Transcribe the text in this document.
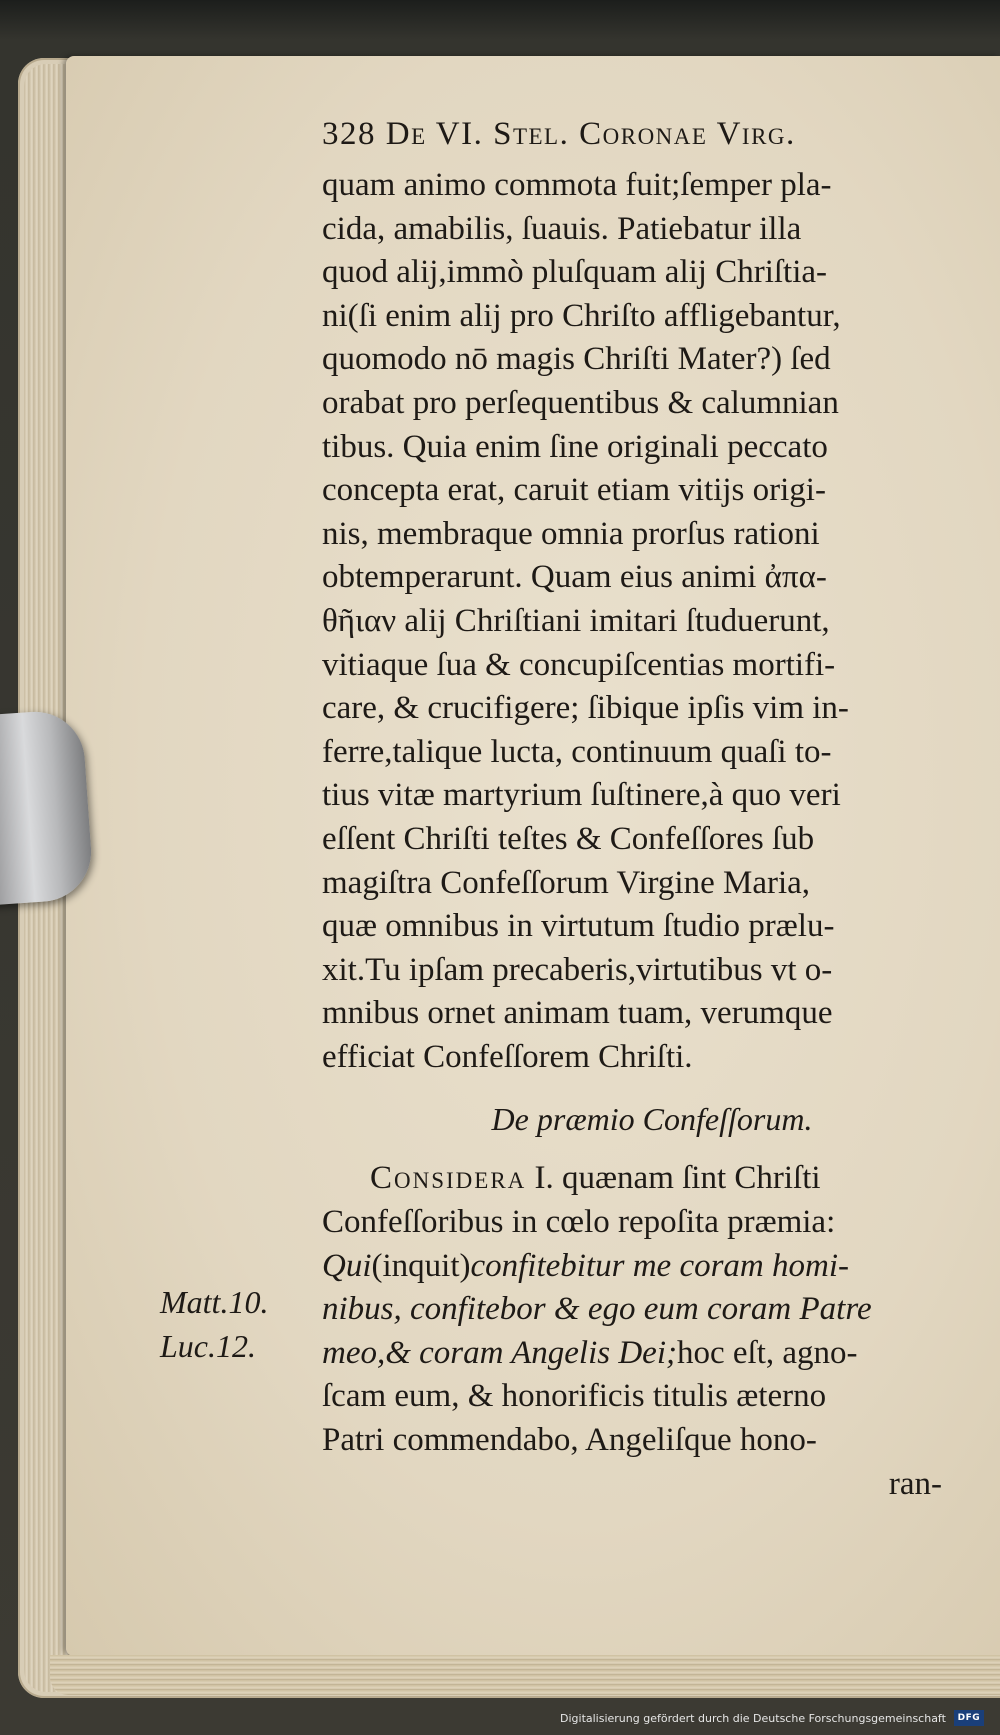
328 De VI. Stel. Coronae Virg.
quam animo commota fuit;ſemper pla-
cida, amabilis, ſuauis. Patiebatur illa
quod alij,immò pluſquam alij Chriſtia-
ni(ſi enim alij pro Chriſto affligebantur,
quomodo nō magis Chriſti Mater?) ſed
orabat pro perſequentibus & calumnian
tibus. Quia enim ſine originali peccato
concepta erat, caruit etiam vitijs origi-
nis, membraque omnia prorſus rationi
obtemperarunt. Quam eius animi ἀπα-
θῆιαν alij Chriſtiani imitari ſtuduerunt,
vitiaque ſua & concupiſcentias mortifi-
care, & crucifigere; ſibique ipſis vim in-
ferre,talique lucta, continuum quaſi to-
tius vitæ martyrium ſuſtinere,à quo veri
eſſent Chriſti teſtes & Confeſſores ſub
magiſtra Confeſſorum Virgine Maria,
quæ omnibus in virtutum ſtudio prælu-
xit.Tu ipſam precaberis,virtutibus vt o-
mnibus ornet animam tuam, verumque
efficiat Confeſſorem Chriſti.
De præmio Confeſſorum.
Considera I. quænam ſint Chriſti
Confeſſoribus in cœlo repoſita præmia:
Qui(inquit)confitebitur me coram homi-
nibus, confitebor & ego eum coram Patre
meo,& coram Angelis Dei;hoc eſt, agno-
ſcam eum, & honorificis titulis æterno
Patri commendabo, Angeliſque hono-
ran-
Matt.10.
Luc.12.
Digitalisierung gefördert durch die Deutsche Forschungsgemeinschaft	DFG
